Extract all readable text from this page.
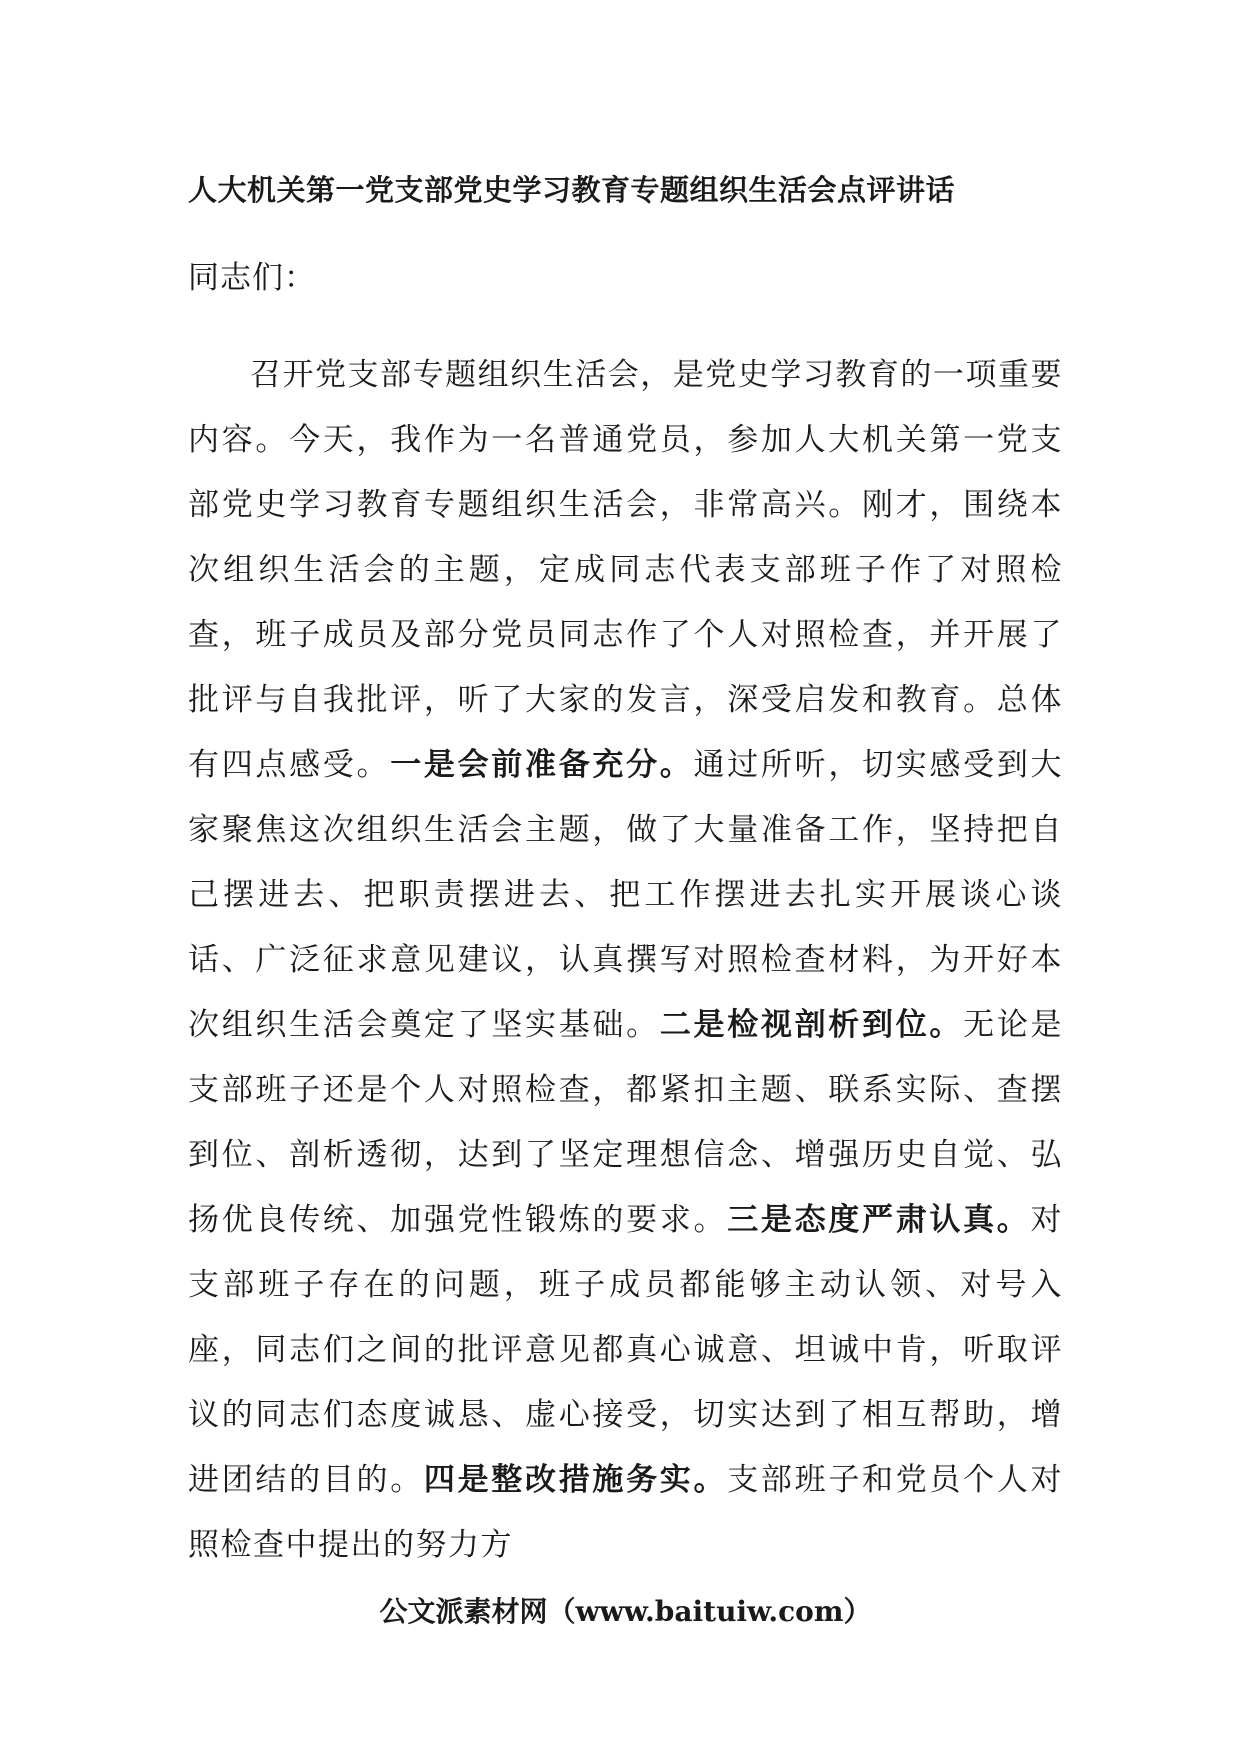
人大机关第一党支部党史学习教育专题组织生活会点评讲话
同志们：

召开党支部专题组织生活会，是党史学习教育的一项重要内容。今天，我作为一名普通党员，参加人大机关第一党支部党史学习教育专题组织生活会，非常高兴。刚才，围绕本次组织生活会的主题，定成同志代表支部班子作了对照检查，班子成员及部分党员同志作了个人对照检查，并开展了批评与自我批评，听了大家的发言，深受启发和教育。总体有四点感受。一是会前准备充分。通过所听，切实感受到大家聚焦这次组织生活会主题，做了大量准备工作，坚持把自己摆进去、把职责摆进去、把工作摆进去扎实开展谈心谈话、广泛征求意见建议，认真撰写对照检查材料，为开好本次组织生活会奠定了坚实基础。二是检视剖析到位。无论是支部班子还是个人对照检查，都紧扣主题、联系实际、查摆到位、剖析透彻，达到了坚定理想信念、增强历史自觉、弘扬优良传统、加强党性锻炼的要求。三是态度严肃认真。对支部班子存在的问题，班子成员都能够主动认领、对号入座，同志们之间的批评意见都真心诚意、坦诚中肯，听取评议的同志们态度诚恳、虚心接受，切实达到了相互帮助，增进团结的目的。四是整改措施务实。支部班子和党员个人对照检查中提出的努力方

公文派素材网（www.baituiw.com）
